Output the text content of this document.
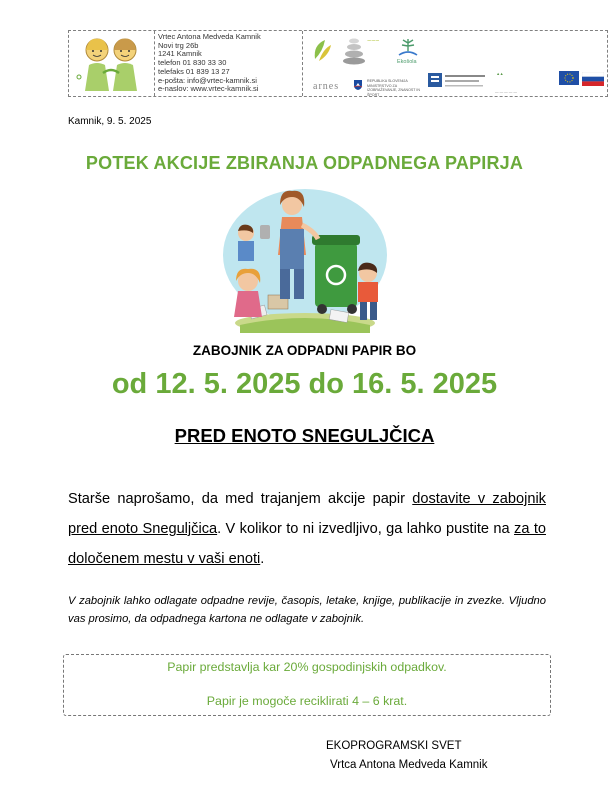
Vrtec Antona Medveda Kamnik
Novi trg 26b
1241 Kamnik
telefon 01 830 33 30
telefaks 01 839 13 27
e-pošta: info@vrtec-kamnik.si
e-naslov: www.vrtec-kamnik.si
~~~
Ekošola
arnes	REPUBLIKA SLOVENIJA MINISTRSTVO ZA IZOBRAŽEVANJE, ZNANOST IN ŠPORT
▴ ▴
— — — — —
Kamnik, 9. 5. 2025
POTEK AKCIJE ZBIRANJA ODPADNEGA PAPIRJA
ZABOJNIK ZA ODPADNI PAPIR BO
od 12. 5. 2025 do 16. 5. 2025
PRED ENOTO SNEGULJČICA
Starše naprošamo, da med trajanjem akcije papir dostavite v zabojnik pred enoto Sneguljčica. V kolikor to ni izvedljivo, ga lahko pustite na za to določenem mestu v vaši enoti.
V zabojnik lahko odlagate odpadne revije, časopis, letake, knjige, publikacije in zvezke. Vljudno vas prosimo, da odpadnega kartona ne odlagate v zabojnik.
Papir predstavlja kar 20% gospodinjskih odpadkov.
Papir je mogoče reciklirati 4 – 6 krat.
EKOPROGRAMSKI SVET
Vrtca Antona Medveda Kamnik
